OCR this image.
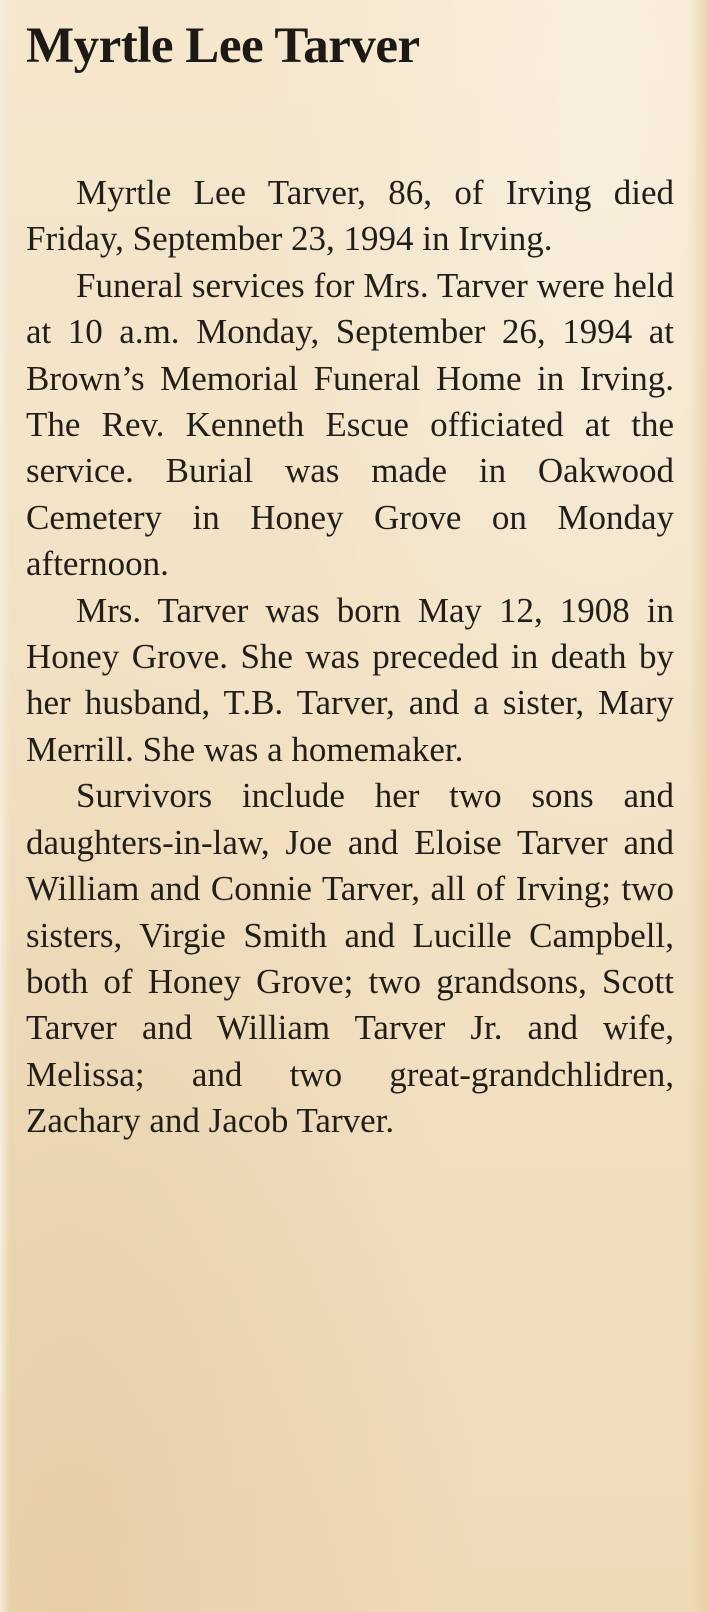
Myrtle Lee Tarver

Myrtle Lee Tarver, 86, of Irving died Friday, September 23, 1994 in Irving.

Funeral services for Mrs. Tarver were held at 10 a.m. Monday, September 26, 1994 at Brown’s Memorial Funeral Home in Irving. The Rev. Kenneth Escue officiated at the service. Burial was made in Oakwood Cemetery in Honey Grove on Monday afternoon.

Mrs. Tarver was born May 12, 1908 in Honey Grove. She was preceded in death by her husband, T.B. Tarver, and a sister, Mary Merrill. She was a homemaker.

Survivors include her two sons and daughters-in-law, Joe and Eloise Tarver and William and Connie Tarver, all of Irving; two sisters, Virgie Smith and Lucille Campbell, both of Honey Grove; two grandsons, Scott Tarver and William Tarver Jr. and wife, Melissa; and two great-grandchlidren, Zachary and Jacob Tarver.
